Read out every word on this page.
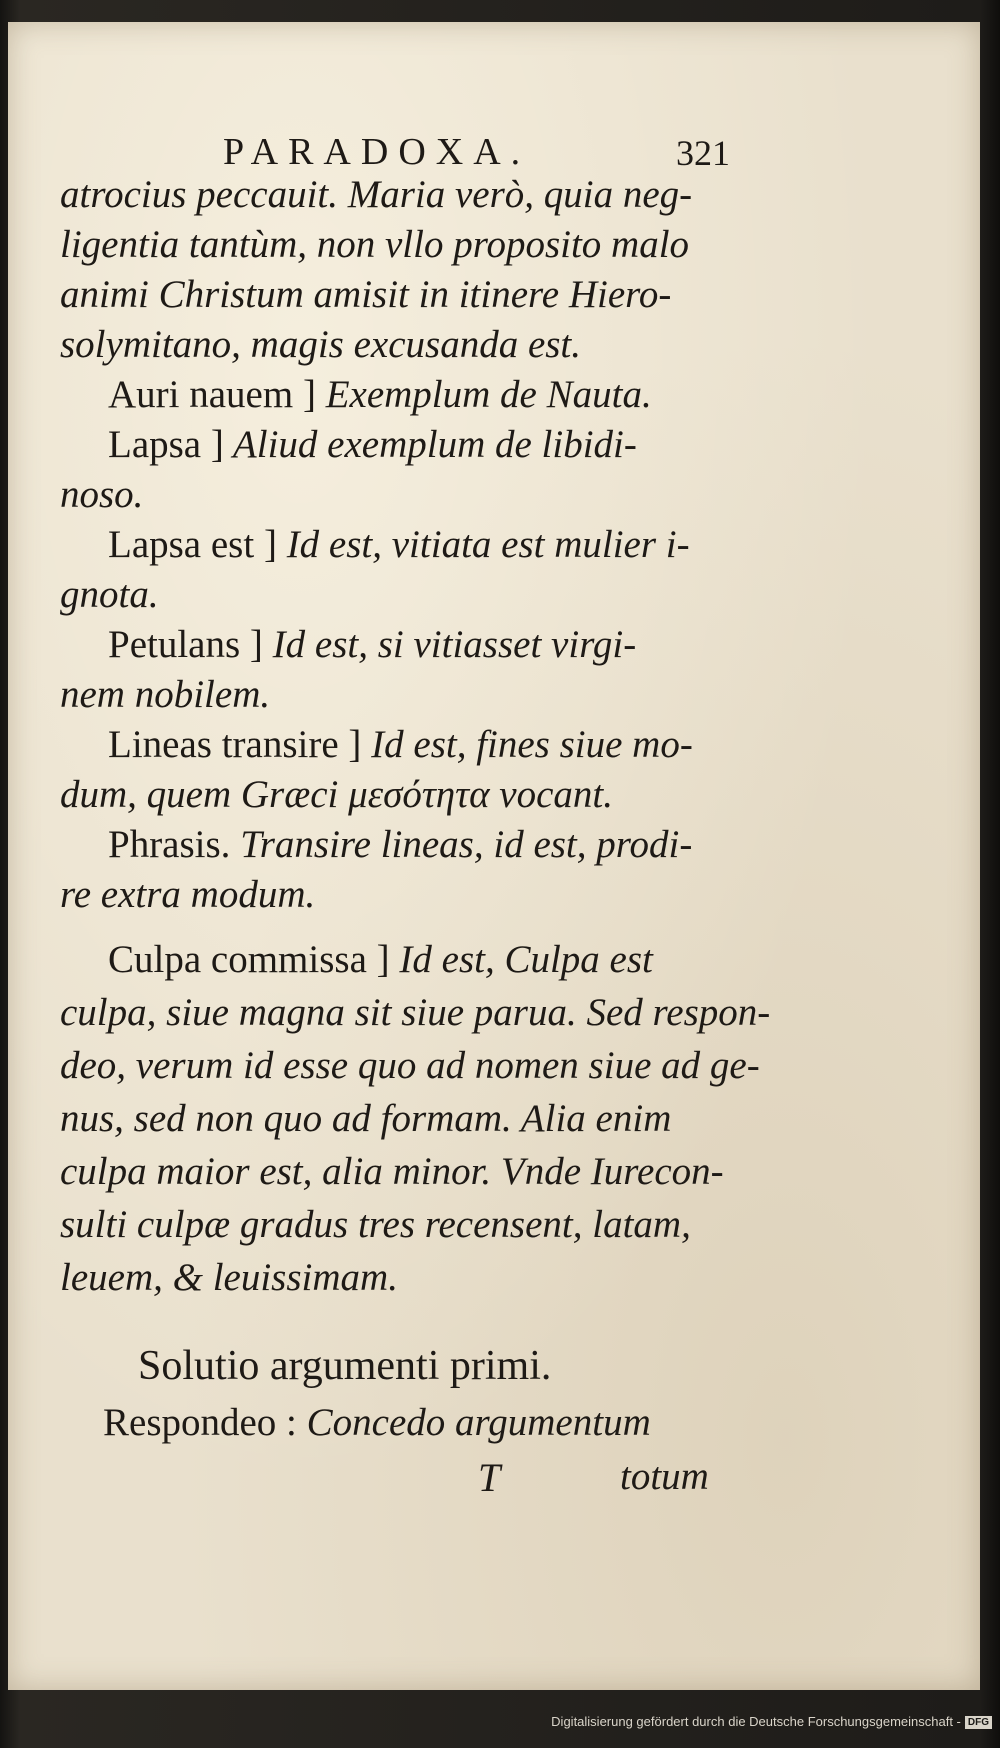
PARADOXA.	321
atrocius peccauit. Maria verò, quia neg-
ligentia tantùm, non vllo proposito malo
animi Christum amisit in itinere Hiero-
solymitano, magis excusanda est.
Auri nauem ] Exemplum de Nauta.
Lapsa ] Aliud exemplum de libidi-
noso.
Lapsa est ] Id est, vitiata est mulier i-
gnota.
Petulans ] Id est, si vitiasset virgi-
nem nobilem.
Lineas transire ] Id est, fines siue mo-
dum, quem Græci μεσότητα vocant.
Phrasis. Transire lineas, id est, prodi-
re extra modum.
Culpa commissa ] Id est, Culpa est
culpa, siue magna sit siue parua. Sed respon-
deo, verum id esse quo ad nomen siue ad ge-
nus, sed non quo ad formam. Alia enim
culpa maior est, alia minor. Vnde Iurecon-
sulti culpæ gradus tres recensent, latam,
leuem, & leuissimam.
Solutio argumenti primi.
Respondeo : Concedo argumentum
T	totum
Digitalisierung gefördert durch die Deutsche Forschungsgemeinschaft - DFG
